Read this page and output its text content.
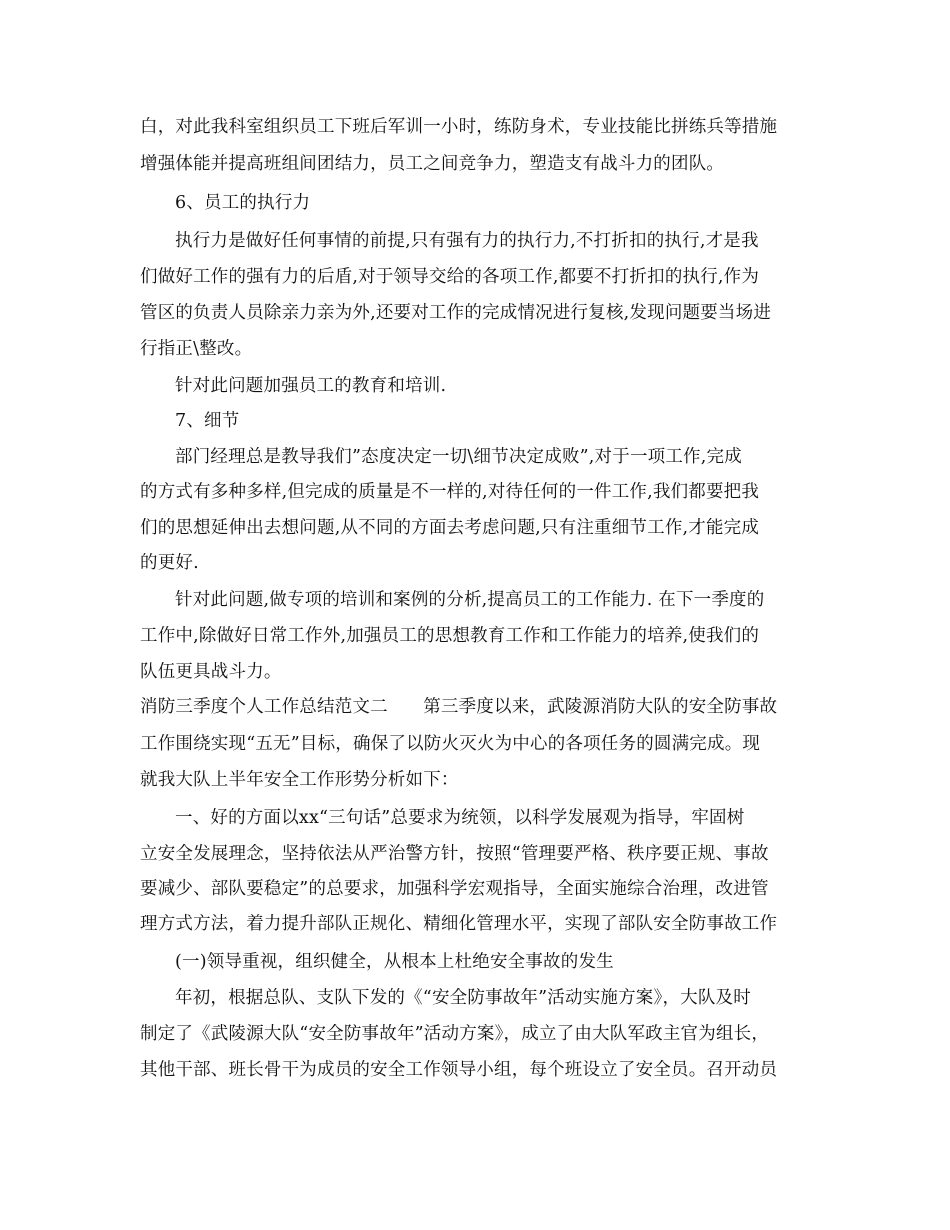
白，对此我科室组织员工下班后军训一小时，练防身术，专业技能比拼练兵等措施

增强体能并提高班组间团结力，员工之间竞争力，塑造支有战斗力的团队。

6、员工的执行力

执行力是做好任何事情的前提,只有强有力的执行力,不打折扣的执行,才是我

们做好工作的强有力的后盾,对于领导交给的各项工作,都要不打折扣的执行,作为

管区的负责人员除亲力亲为外,还要对工作的完成情况进行复核,发现问题要当场进

行指正\整改。

针对此问题加强员工的教育和培训.

7、细节

部门经理总是教导我们”态度决定一切\细节决定成败”,对于一项工作,完成

的方式有多种多样,但完成的质量是不一样的,对待任何的一件工作,我们都要把我

们的思想延伸出去想问题,从不同的方面去考虑问题,只有注重细节工作,才能完成

的更好.

针对此问题,做专项的培训和案例的分析,提高员工的工作能力. 在下一季度的

工作中,除做好日常工作外,加强员工的思想教育工作和工作能力的培养,使我们的

队伍更具战斗力。

消防三季度个人工作总结范文二　　第三季度以来，武陵源消防大队的安全防事故

工作围绕实现“五无”目标，确保了以防火灭火为中心的各项任务的圆满完成。现

就我大队上半年安全工作形势分析如下：

一、好的方面以xx“三句话”总要求为统领，以科学发展观为指导，牢固树

立安全发展理念，坚持依法从严治警方针，按照“管理要严格、秩序要正规、事故

要减少、部队要稳定”的总要求，加强科学宏观指导，全面实施综合治理，改进管

理方式方法，着力提升部队正规化、精细化管理水平，实现了部队安全防事故工作

(一)领导重视，组织健全，从根本上杜绝安全事故的发生

年初，根据总队、支队下发的《“安全防事故年”活动实施方案》，大队及时

制定了《武陵源大队“安全防事故年”活动方案》，成立了由大队军政主官为组长，

其他干部、班长骨干为成员的安全工作领导小组，每个班设立了安全员。召开动员
